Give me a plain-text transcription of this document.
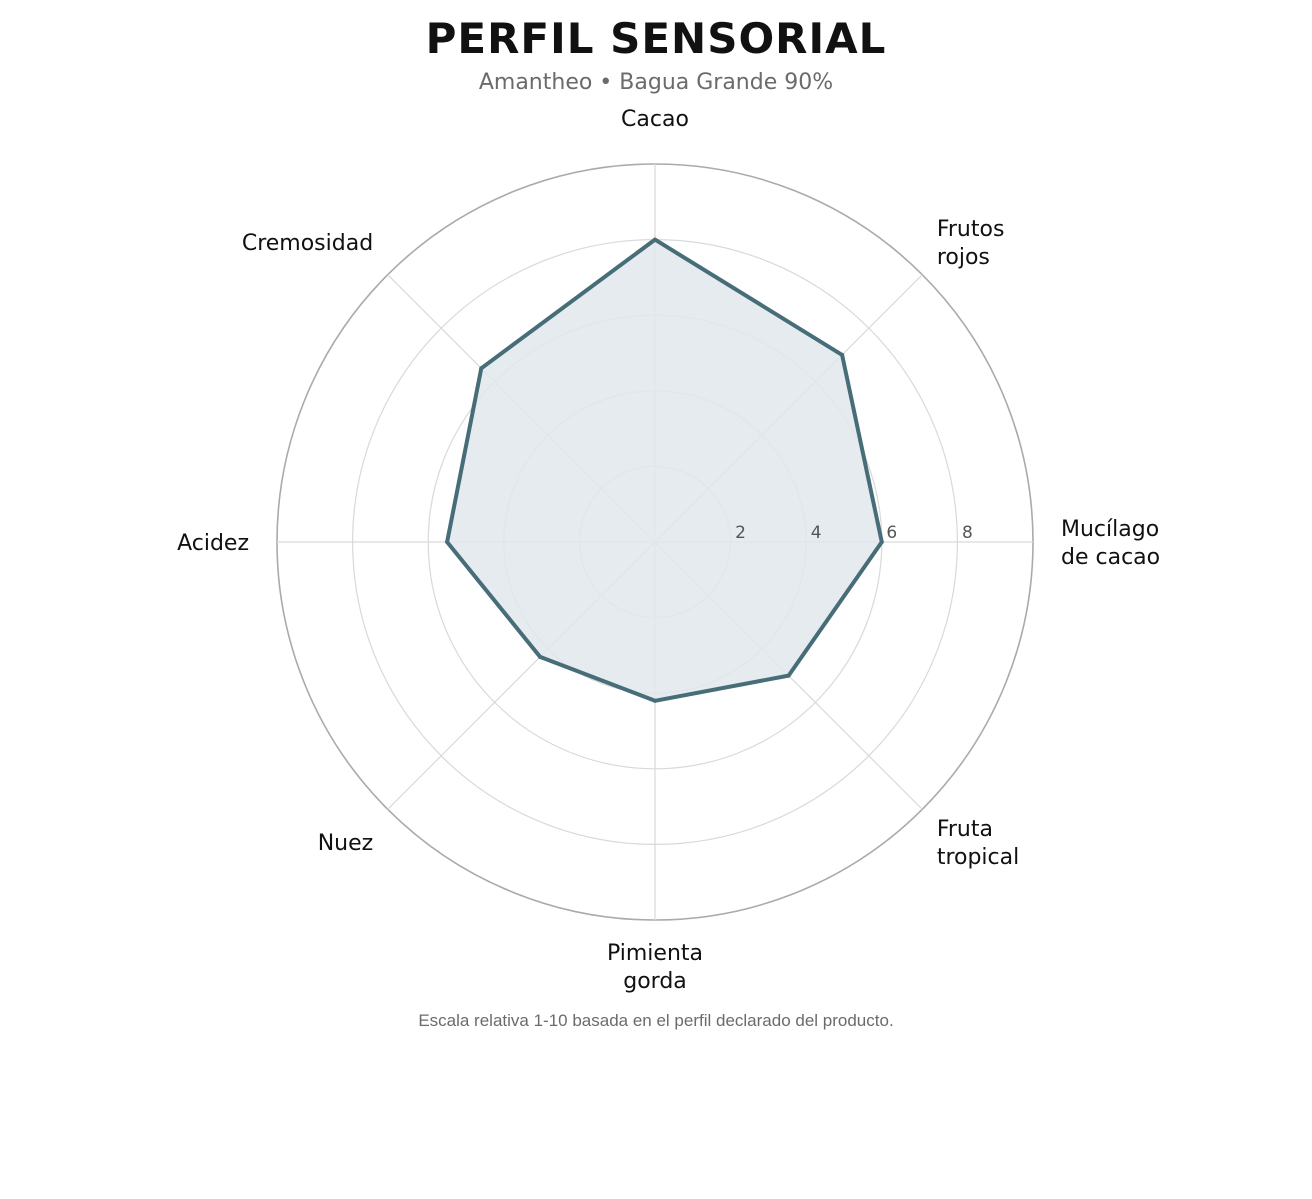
PERFIL SENSORIAL
Amantheo • Bagua Grande 90%
2	4	6	8
Cacao
Frutos rojos
Mucílago de cacao
Fruta tropical
Pimienta gorda
Nuez
Acidez
Cremosidad
Escala relativa 1-10 basada en el perfil declarado del producto.
